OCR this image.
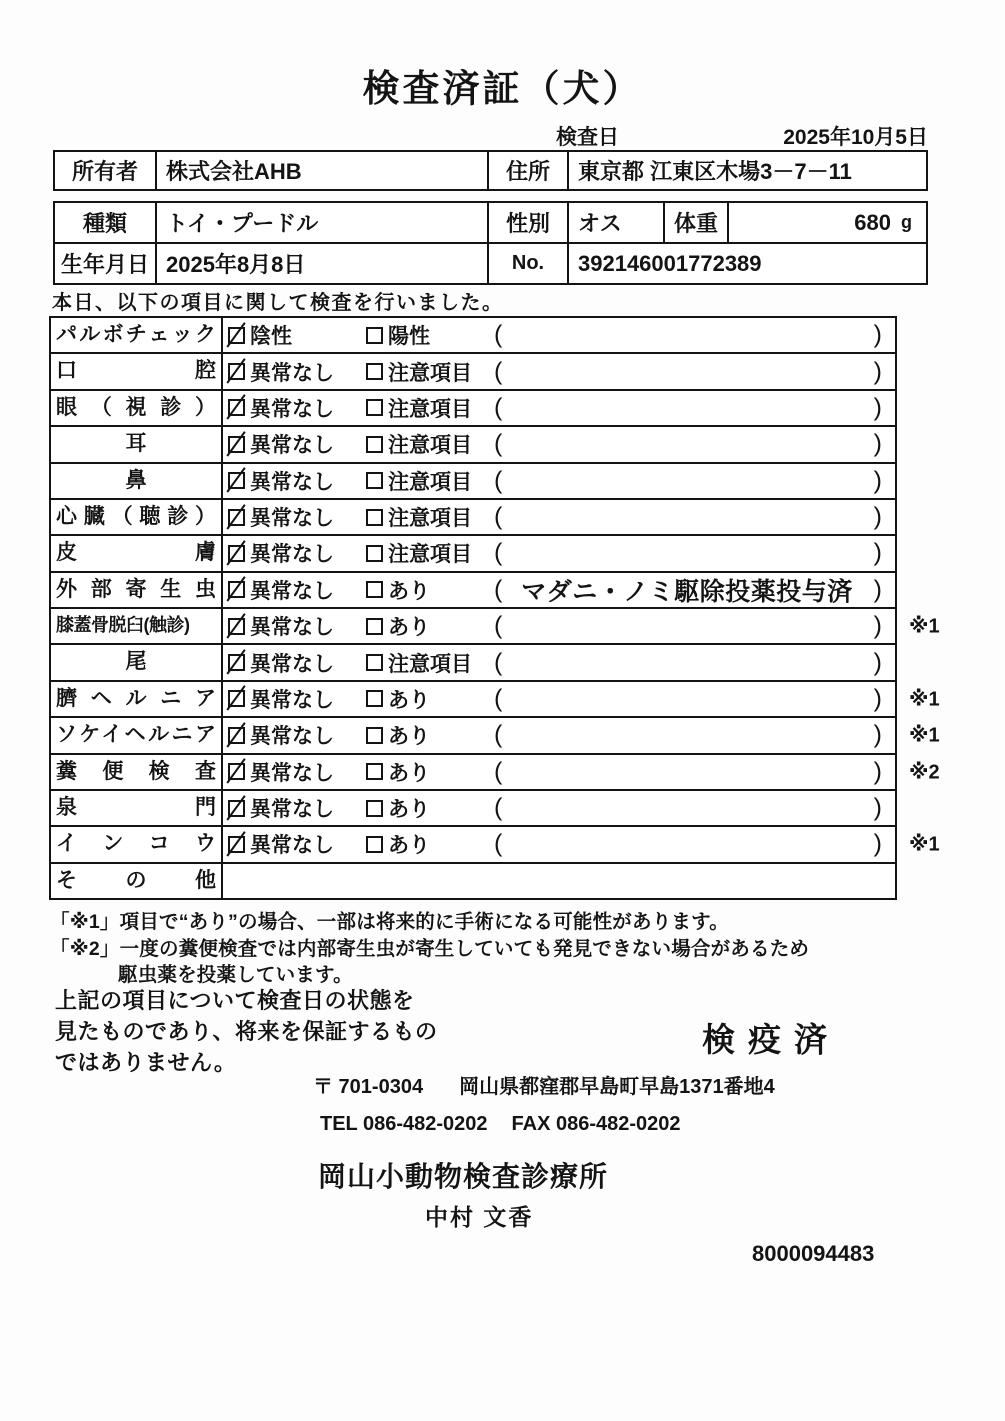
検査済証（犬）
検査日	2025年10月5日
所有者	株式会社AHB	住所	東京都 江東区木場3－7－11
種類	トイ・プードル	性別	オス	体重	680 g
生年月日 2025年8月8日	No.	392146001772389
本日、以下の項目に関して検査を行いました。
パルボチェック	陰性	陽性	(	)
口腔	異常なし	注意項目 (	)
眼（視診）	異常なし	注意項目 (	)
耳	異常なし	注意項目 (	)
鼻	異常なし	注意項目 (	)
心臓（聴診）	異常なし	注意項目 (	)
皮膚	異常なし	注意項目 (	)
外部寄生虫	異常なし	あり	( マダニ・ノミ駆除投薬投与済 )
膝蓋骨脱臼(触診)	異常なし	あり	(	) ※1
尾	異常なし	注意項目 (	)
臍ヘルニア	異常なし	あり	(	) ※1
ソケイヘルニア	異常なし	あり	(	) ※1
糞便検査	異常なし	あり	(	) ※2
泉門	異常なし	あり	(	)
インコウ	異常なし	あり	(	) ※1
その他
「※1」項目で“あり”の場合、一部は将来的に手術になる可能性があります。
「※2」一度の糞便検査では内部寄生虫が寄生していても発見できない場合があるため
駆虫薬を投薬しています。
上記の項目について検査日の状態を
見たものであり、将来を保証するもの
ではありません。
検疫済
〒 701-0304 岡山県都窪郡早島町早島1371番地4
TEL 086-482-0202 FAX 086-482-0202
岡山小動物検査診療所
中村 文香
8000094483
